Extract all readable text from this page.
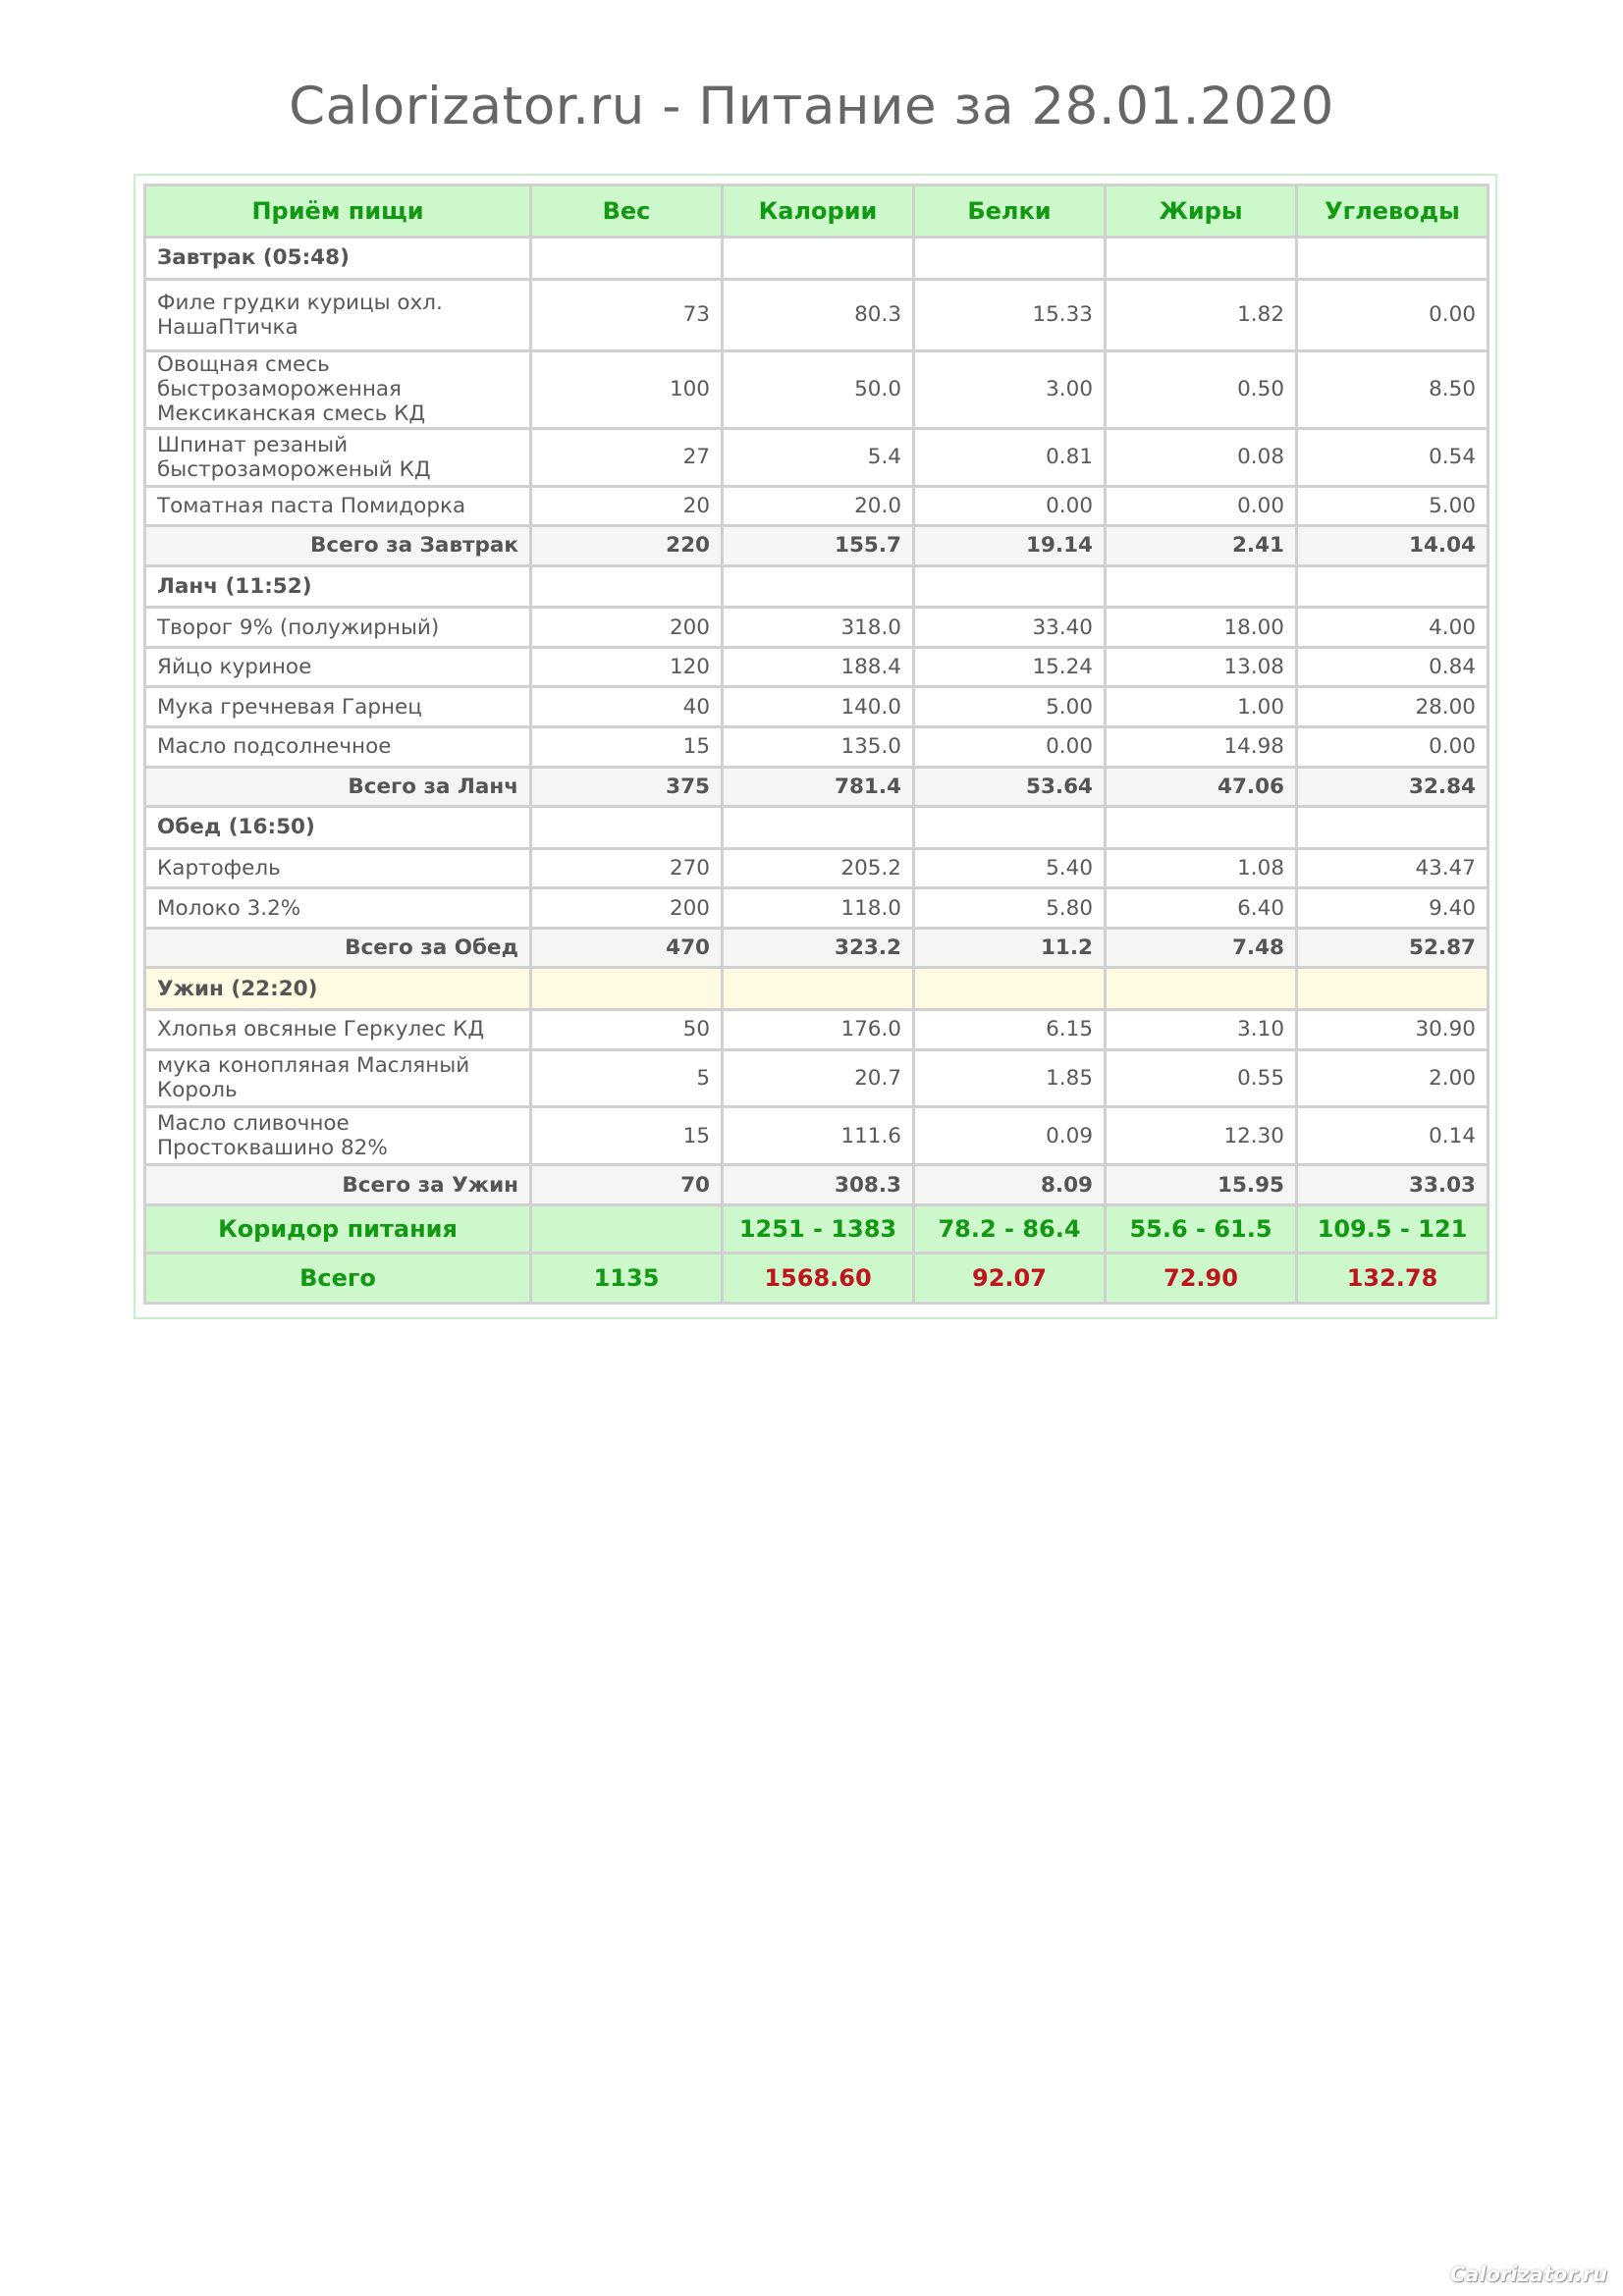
Calorizator.ru - Питание за 28.01.2020
Приём пищи	Вес	Калории	Белки	Жиры	Углеводы
Завтрак (05:48)					
Филе грудки курицы охл. НашаПтичка	73	80.3	15.33	1.82	0.00
Овощная смесь быстрозамороженная Мексиканская смесь КД	100	50.0	3.00	0.50	8.50
Шпинат резаный быстрозамороженый КД	27	5.4	0.81	0.08	0.54
Томатная паста Помидорка	20	20.0	0.00	0.00	5.00
Всего за Завтрак	220	155.7	19.14	2.41	14.04
Ланч (11:52)					
Творог 9% (полужирный)	200	318.0	33.40	18.00	4.00
Яйцо куриное	120	188.4	15.24	13.08	0.84
Мука гречневая Гарнец	40	140.0	5.00	1.00	28.00
Масло подсолнечное	15	135.0	0.00	14.98	0.00
Всего за Ланч	375	781.4	53.64	47.06	32.84
Обед (16:50)					
Картофель	270	205.2	5.40	1.08	43.47
Молоко 3.2%	200	118.0	5.80	6.40	9.40
Всего за Обед	470	323.2	11.2	7.48	52.87
Ужин (22:20)					
Хлопья овсяные Геркулес КД	50	176.0	6.15	3.10	30.90
мука конопляная Масляный Король	5	20.7	1.85	0.55	2.00
Масло сливочное Простоквашино 82%	15	111.6	0.09	12.30	0.14
Всего за Ужин	70	308.3	8.09	15.95	33.03
Коридор питания		1251 - 1383	78.2 - 86.4	55.6 - 61.5	109.5 - 121
Всего	1135	1568.60	92.07	72.90	132.78
Calorizator.ru
